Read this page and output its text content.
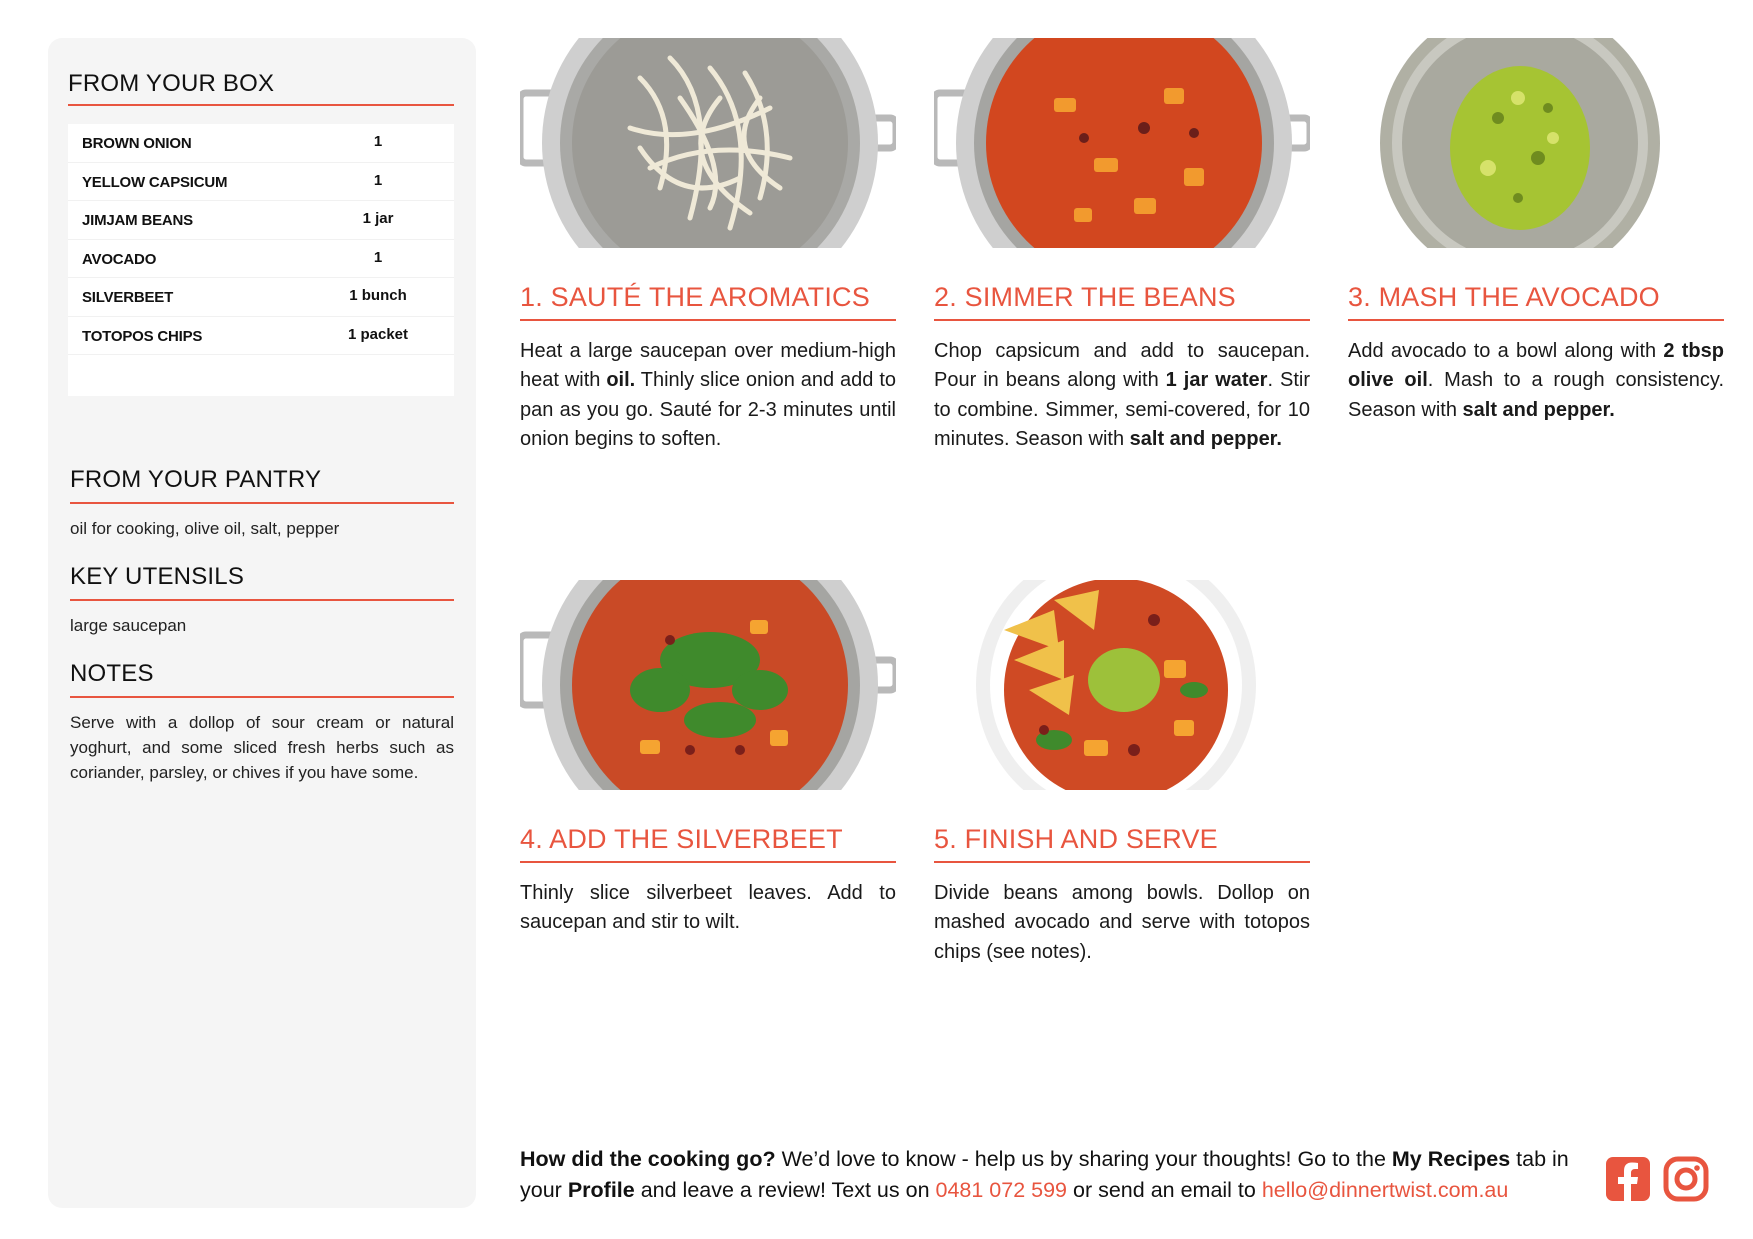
FROM YOUR BOX
BROWN ONION	1
YELLOW CAPSICUM	1
JIMJAM BEANS	1 jar
AVOCADO	1
SILVERBEET	1 bunch
TOTOPOS CHIPS	1 packet
FROM YOUR PANTRY
oil for cooking, olive oil, salt, pepper
KEY UTENSILS
large saucepan
NOTES
Serve with a dollop of sour cream or natural yoghurt, and some sliced fresh herbs such as coriander, parsley, or chives if you have some.
1. SAUTÉ THE AROMATICS
Heat a large saucepan over medium-high heat with oil. Thinly slice onion and add to pan as you go. Sauté for 2-3 minutes until onion begins to soften.
2. SIMMER THE BEANS
Chop capsicum and add to saucepan. Pour in beans along with 1 jar water. Stir to combine. Simmer, semi-covered, for 10 minutes. Season with salt and pepper.
3. MASH THE AVOCADO
Add avocado to a bowl along with 2 tbsp olive oil. Mash to a rough consistency. Season with salt and pepper.
4. ADD THE SILVERBEET
Thinly slice silverbeet leaves. Add to saucepan and stir to wilt.
5. FINISH AND SERVE
Divide beans among bowls. Dollop on mashed avocado and serve with totopos chips (see notes).
How did the cooking go? We’d love to know - help us by sharing your thoughts! Go to the My Recipes tab in your Profile and leave a review! Text us on 0481 072 599 or send an email to hello@dinnertwist.com.au
